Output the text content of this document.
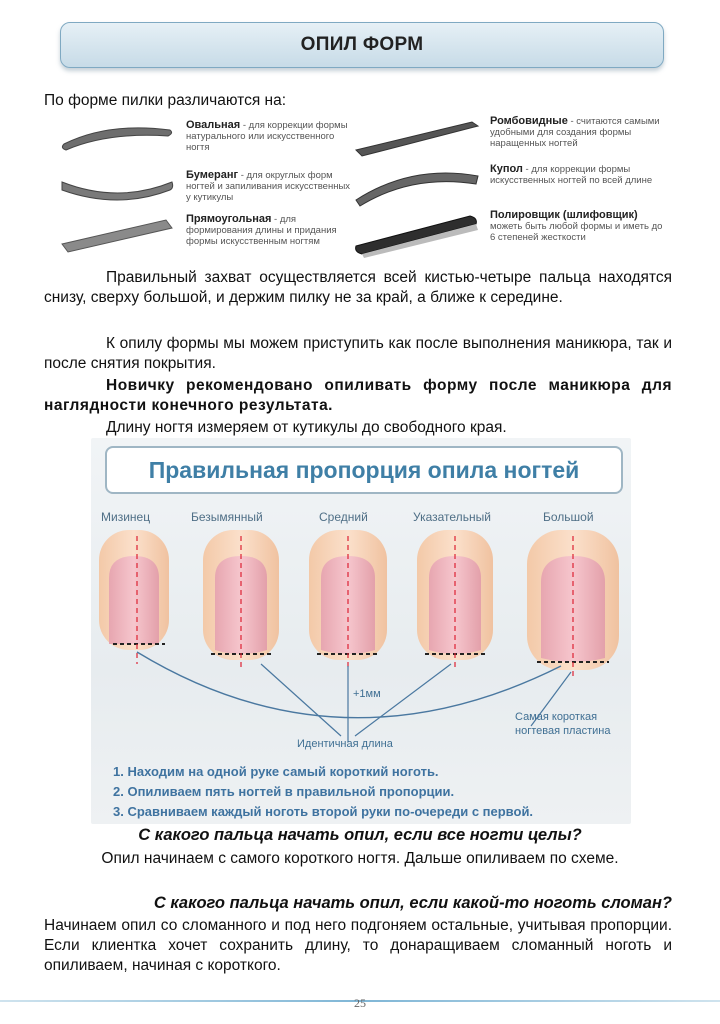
ОПИЛ ФОРМ
По форме пилки различаются на:
Овальная - для коррекции формы натурального или искусственного ногтя
Бумеранг - для округлых форм ногтей и запиливания искусственных у кутикулы
Прямоугольная - для формирования длины и придания формы искусственным ногтям
Ромбовидные - считаются самыми удобными для создания формы наращенных ногтей
Купол - для коррекции формы искусственных ногтей по всей длине
Полировщик (шлифовщик) можеть быть любой формы и иметь до 6 степеней жесткости
Правильный захват осуществляется всей кистью-четыре пальца находятся снизу, сверху большой, и держим пилку не за край, а ближе к середине.
К опилу формы мы можем приступить как после выполнения маникюра, так и после снятия покрытия.
Новичку рекомендовано опиливать форму после маникюра для наглядности конечного результата.
Длину ногтя измеряем от кутикулы до свободного края.
Правильная пропорция опила ногтей
Мизинец	Безымянный	Средний	Указательный	Большой
+1мм
Идентичная длина
Самая короткая
ногтевая пластина
1. Находим на одной руке самый короткий ноготь.
2. Опиливаем пять ногтей в правильной пропорции.
3. Сравниваем каждый ноготь второй руки по-очереди с первой.
С какого пальца начать опил, если все ногти целы?
Опил начинаем с самого короткого ногтя. Дальше опиливаем по схеме.
С какого пальца начать опил, если какой-то ноготь сломан?
Начинаем опил со сломанного и под него подгоняем остальные, учитывая пропорции. Если клиентка хочет сохранить длину, то донаращиваем сломанный ноготь и опиливаем, начиная с короткого.
25
